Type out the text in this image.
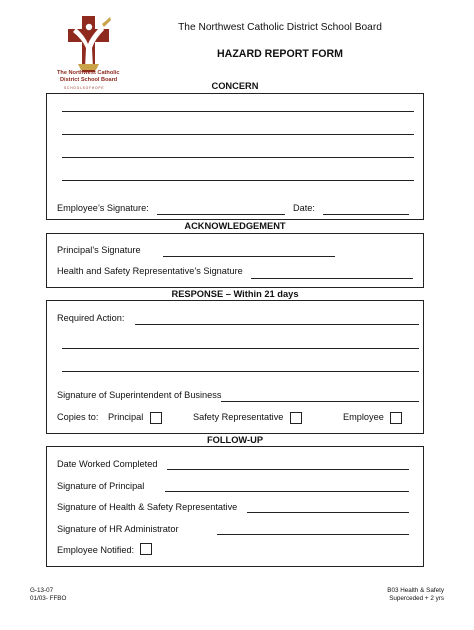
The Northwest Catholic
District School Board
S C H O O L S O F H O P E
The Northwest Catholic District School Board
HAZARD REPORT FORM
CONCERN
Employee’s Signature:	Date:
ACKNOWLEDGEMENT
Principal’s Signature
Health and Safety Representative’s Signature
RESPONSE – Within 21 days
Required Action:
Signature of Superintendent of Business
Copies to: Principal	Safety Representative	Employee
FOLLOW-UP
Date Worked Completed
Signature of Principal
Signature of Health & Safety Representative
Signature of HR Administrator
Employee Notified:
G-13-07
01/03- FFBO
B03 Health & Safety
Superceded + 2 yrs
